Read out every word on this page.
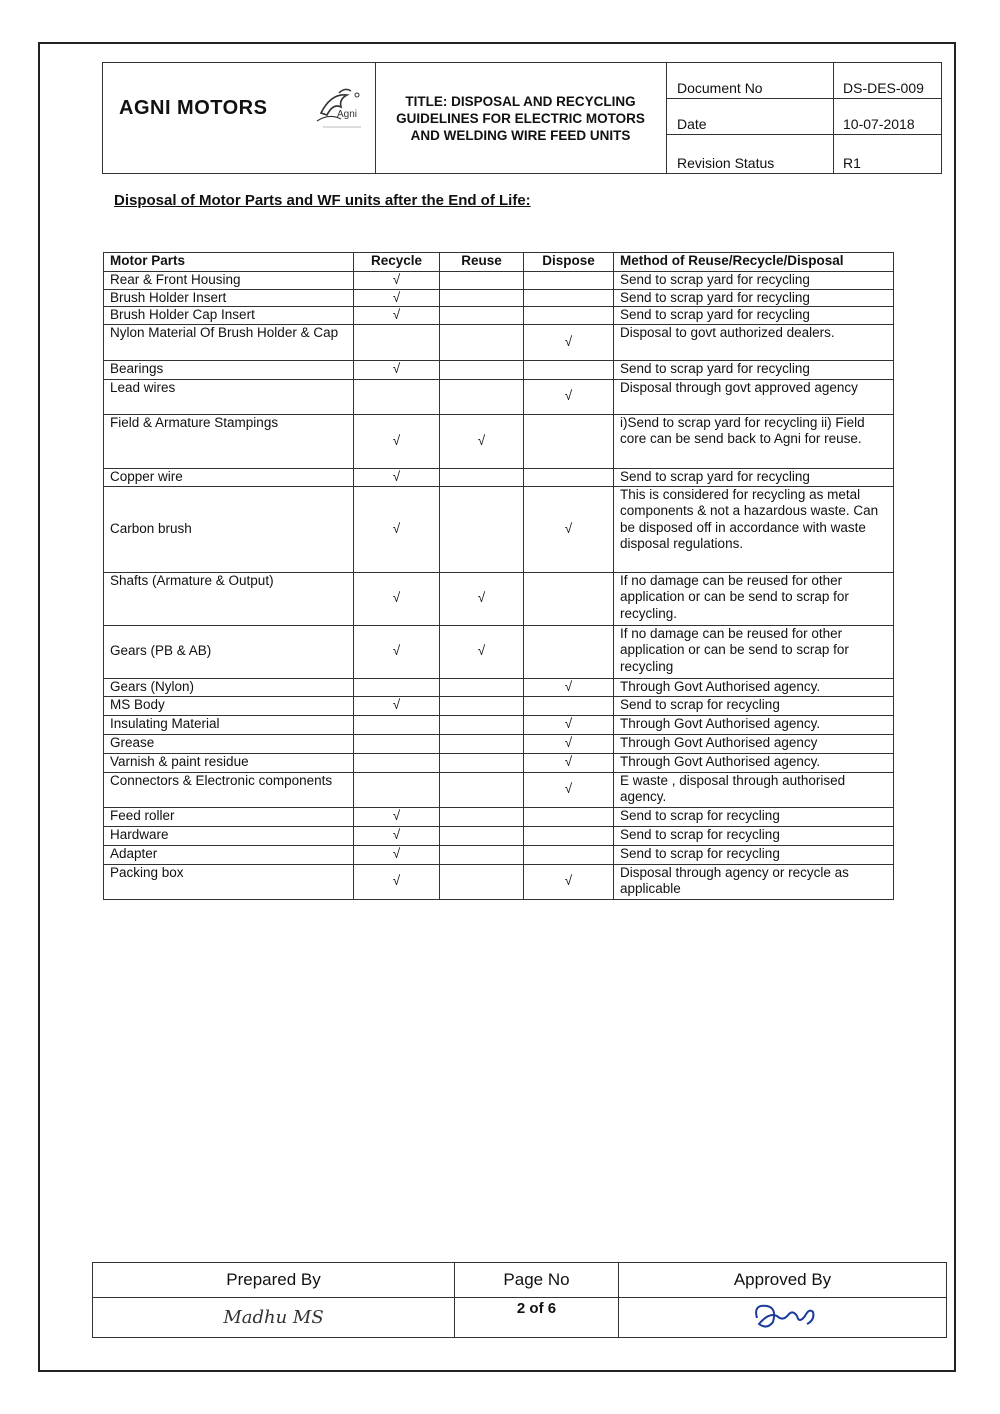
AGNI MOTORS	Agni
TITLE: DISPOSAL AND RECYCLING GUIDELINES FOR ELECTRIC MOTORS AND WELDING WIRE FEED UNITS
Document No	DS-DES-009
Date	10-07-2018
Revision Status	R1
Disposal of Motor Parts and WF units after the End of Life:
Motor Parts	Recycle	Reuse	Dispose	Method of Reuse/Recycle/Disposal
Rear & Front Housing	√			Send to scrap yard for recycling
Brush Holder Insert	√			Send to scrap yard for recycling
Brush Holder Cap Insert	√			Send to scrap yard for recycling
Nylon Material Of Brush Holder & Cap			√	Disposal to govt authorized dealers.
Bearings	√			Send to scrap yard for recycling
Lead wires			√	Disposal through govt approved agency
Field & Armature Stampings	√	√		i)Send to scrap yard for recycling ii) Field core can be send back to Agni for reuse.
Copper wire	√			Send to scrap yard for recycling
Carbon brush	√		√	This is considered for recycling as metal components & not a hazardous waste. Can be disposed off in accordance with waste disposal regulations.
Shafts (Armature & Output)	√	√		If no damage can be reused for other application or can be send to scrap for recycling.
Gears (PB & AB)	√	√		If no damage can be reused for other application or can be send to scrap for recycling
Gears (Nylon)			√	Through Govt Authorised agency.
MS Body	√			Send to scrap for recycling
Insulating Material			√	Through Govt Authorised agency.
Grease			√	Through Govt Authorised agency
Varnish & paint residue			√	Through Govt Authorised agency.
Connectors & Electronic components			√	E waste , disposal through authorised agency.
Feed roller	√			Send to scrap for recycling
Hardware	√			Send to scrap for recycling
Adapter	√			Send to scrap for recycling
Packing box	√		√	Disposal through agency or recycle as applicable
Prepared By	Page No	Approved By
Madhu MS	2 of 6	
